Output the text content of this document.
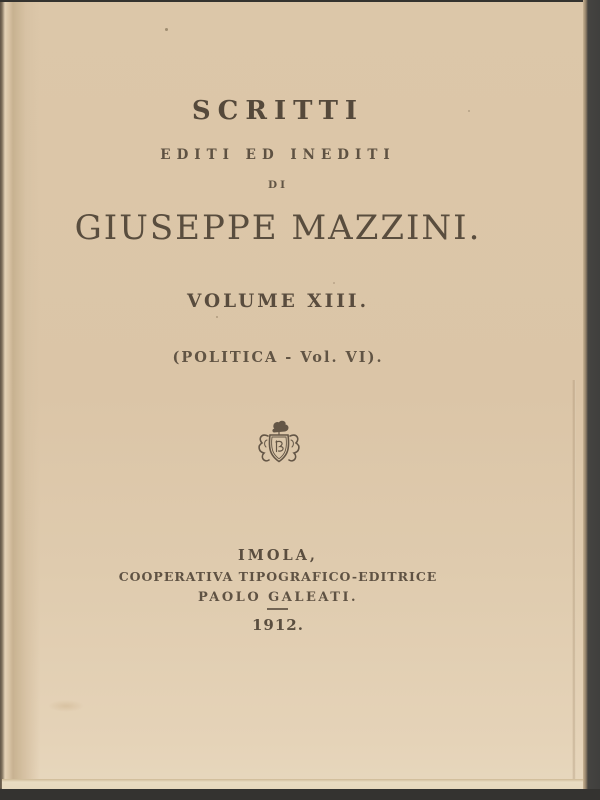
SCRITTI
EDITI ED INEDITI
DI
GIUSEPPE MAZZINI.
VOLUME XIII.
(POLITICA - Vol. VI).
IMOLA,
COOPERATIVA TIPOGRAFICO-EDITRICE
PAOLO GALEATI.
1912.
